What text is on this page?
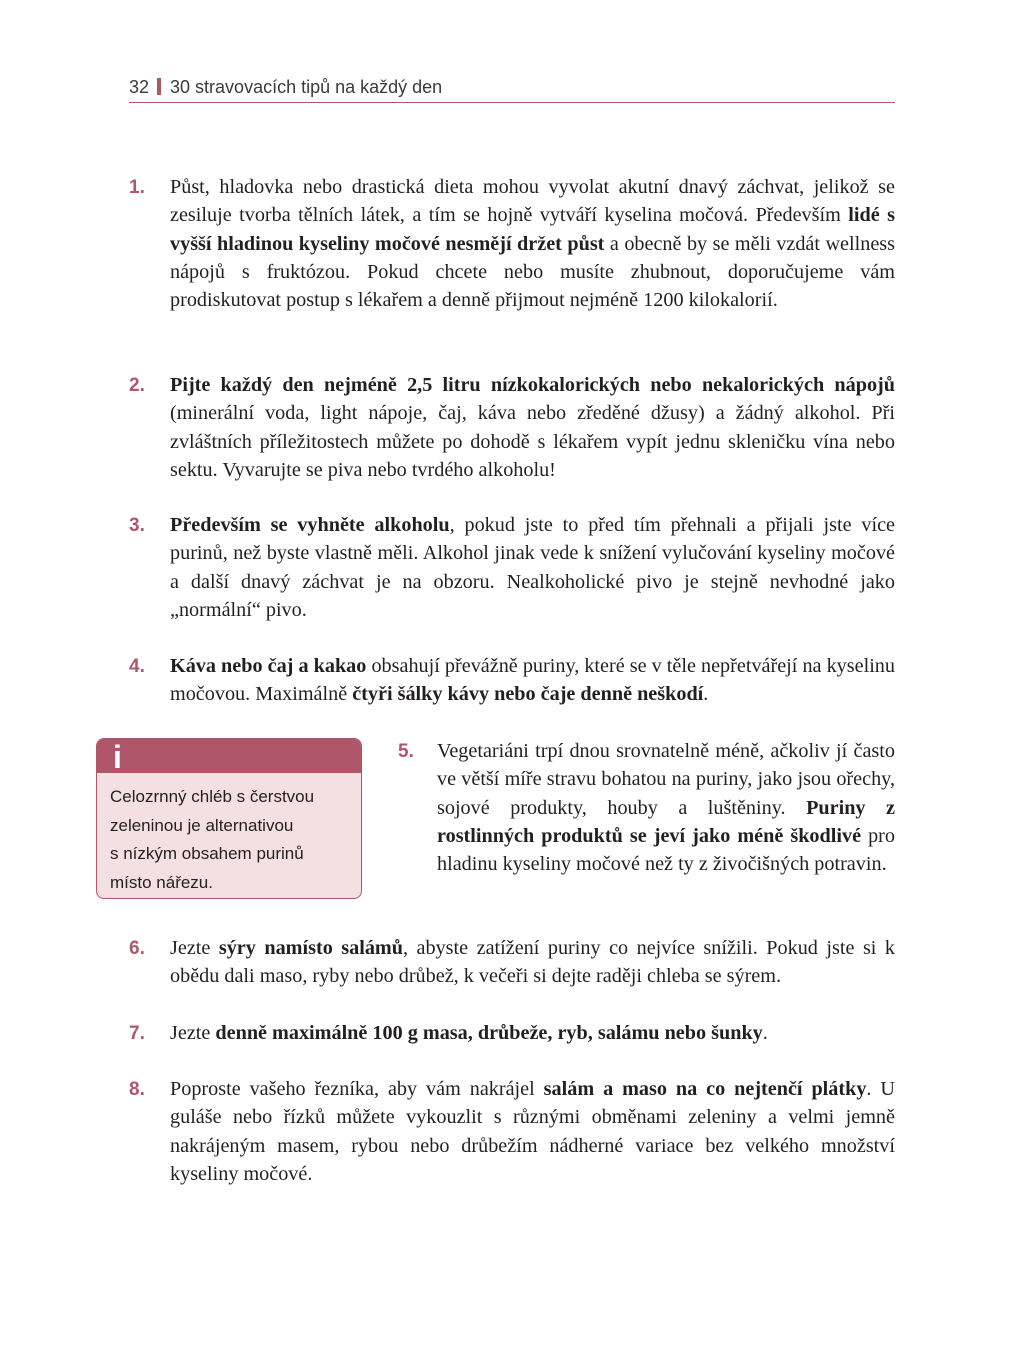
32 30 stravovacích tipů na každý den
1. Půst, hladovka nebo drastická dieta mohou vyvolat akutní dnavý záchvat, jelikož se zesiluje tvorba tělních látek, a tím se hojně vytváří kyselina močová. Především lidé s vyšší hladinou kyseliny močové nesmějí držet půst a obecně by se měli vzdát wellness nápojů s fruktózou. Pokud chcete nebo musíte zhubnout, doporučujeme vám prodiskutovat postup s lékařem a denně přijmout nejméně 1200 kilokalorií.
2. Pijte každý den nejméně 2,5 litru nízkokalorických nebo nekalorických nápojů (minerální voda, light nápoje, čaj, káva nebo zředěné džusy) a žádný alkohol. Při zvláštních příležitostech můžete po dohodě s lékařem vypít jednu skleničku vína nebo sektu. Vyvarujte se piva nebo tvrdého alkoholu!
3. Především se vyhněte alkoholu, pokud jste to před tím přehnali a přijali jste více purinů, než byste vlastně měli. Alkohol jinak vede k snížení vylučování kyseliny močové a další dnavý záchvat je na obzoru. Nealkoholické pivo je stejně nevhodné jako „normální“ pivo.
4. Káva nebo čaj a kakao obsahují převážně puriny, které se v těle nepřetvářejí na kyselinu močovou. Maximálně čtyři šálky kávy nebo čaje denně neškodí.
i
Celozrnný chléb s čerstvou
zeleninou je alternativou
s nízkým obsahem purinů
místo nářezu.
5. Vegetariáni trpí dnou srovnatelně méně, ačkoliv jí často ve větší míře stravu bohatou na puriny, jako jsou ořechy, sojové produkty, houby a luštěniny. Puriny z rostlinných produktů se jeví jako méně škodlivé pro hladinu kyseliny močové než ty z živočišných potravin.
6. Jezte sýry namísto salámů, abyste zatížení puriny co nejvíce snížili. Pokud jste si k obědu dali maso, ryby nebo drůbež, k večeři si dejte raději chleba se sýrem.
7. Jezte denně maximálně 100 g masa, drůbeže, ryb, salámu nebo šunky.
8. Poproste vašeho řezníka, aby vám nakrájel salám a maso na co nejtenčí plátky. U guláše nebo řízků můžete vykouzlit s různými obměnami zeleniny a velmi jemně nakrájeným masem, rybou nebo drůbežím nádherné variace bez velkého množství kyseliny močové.
